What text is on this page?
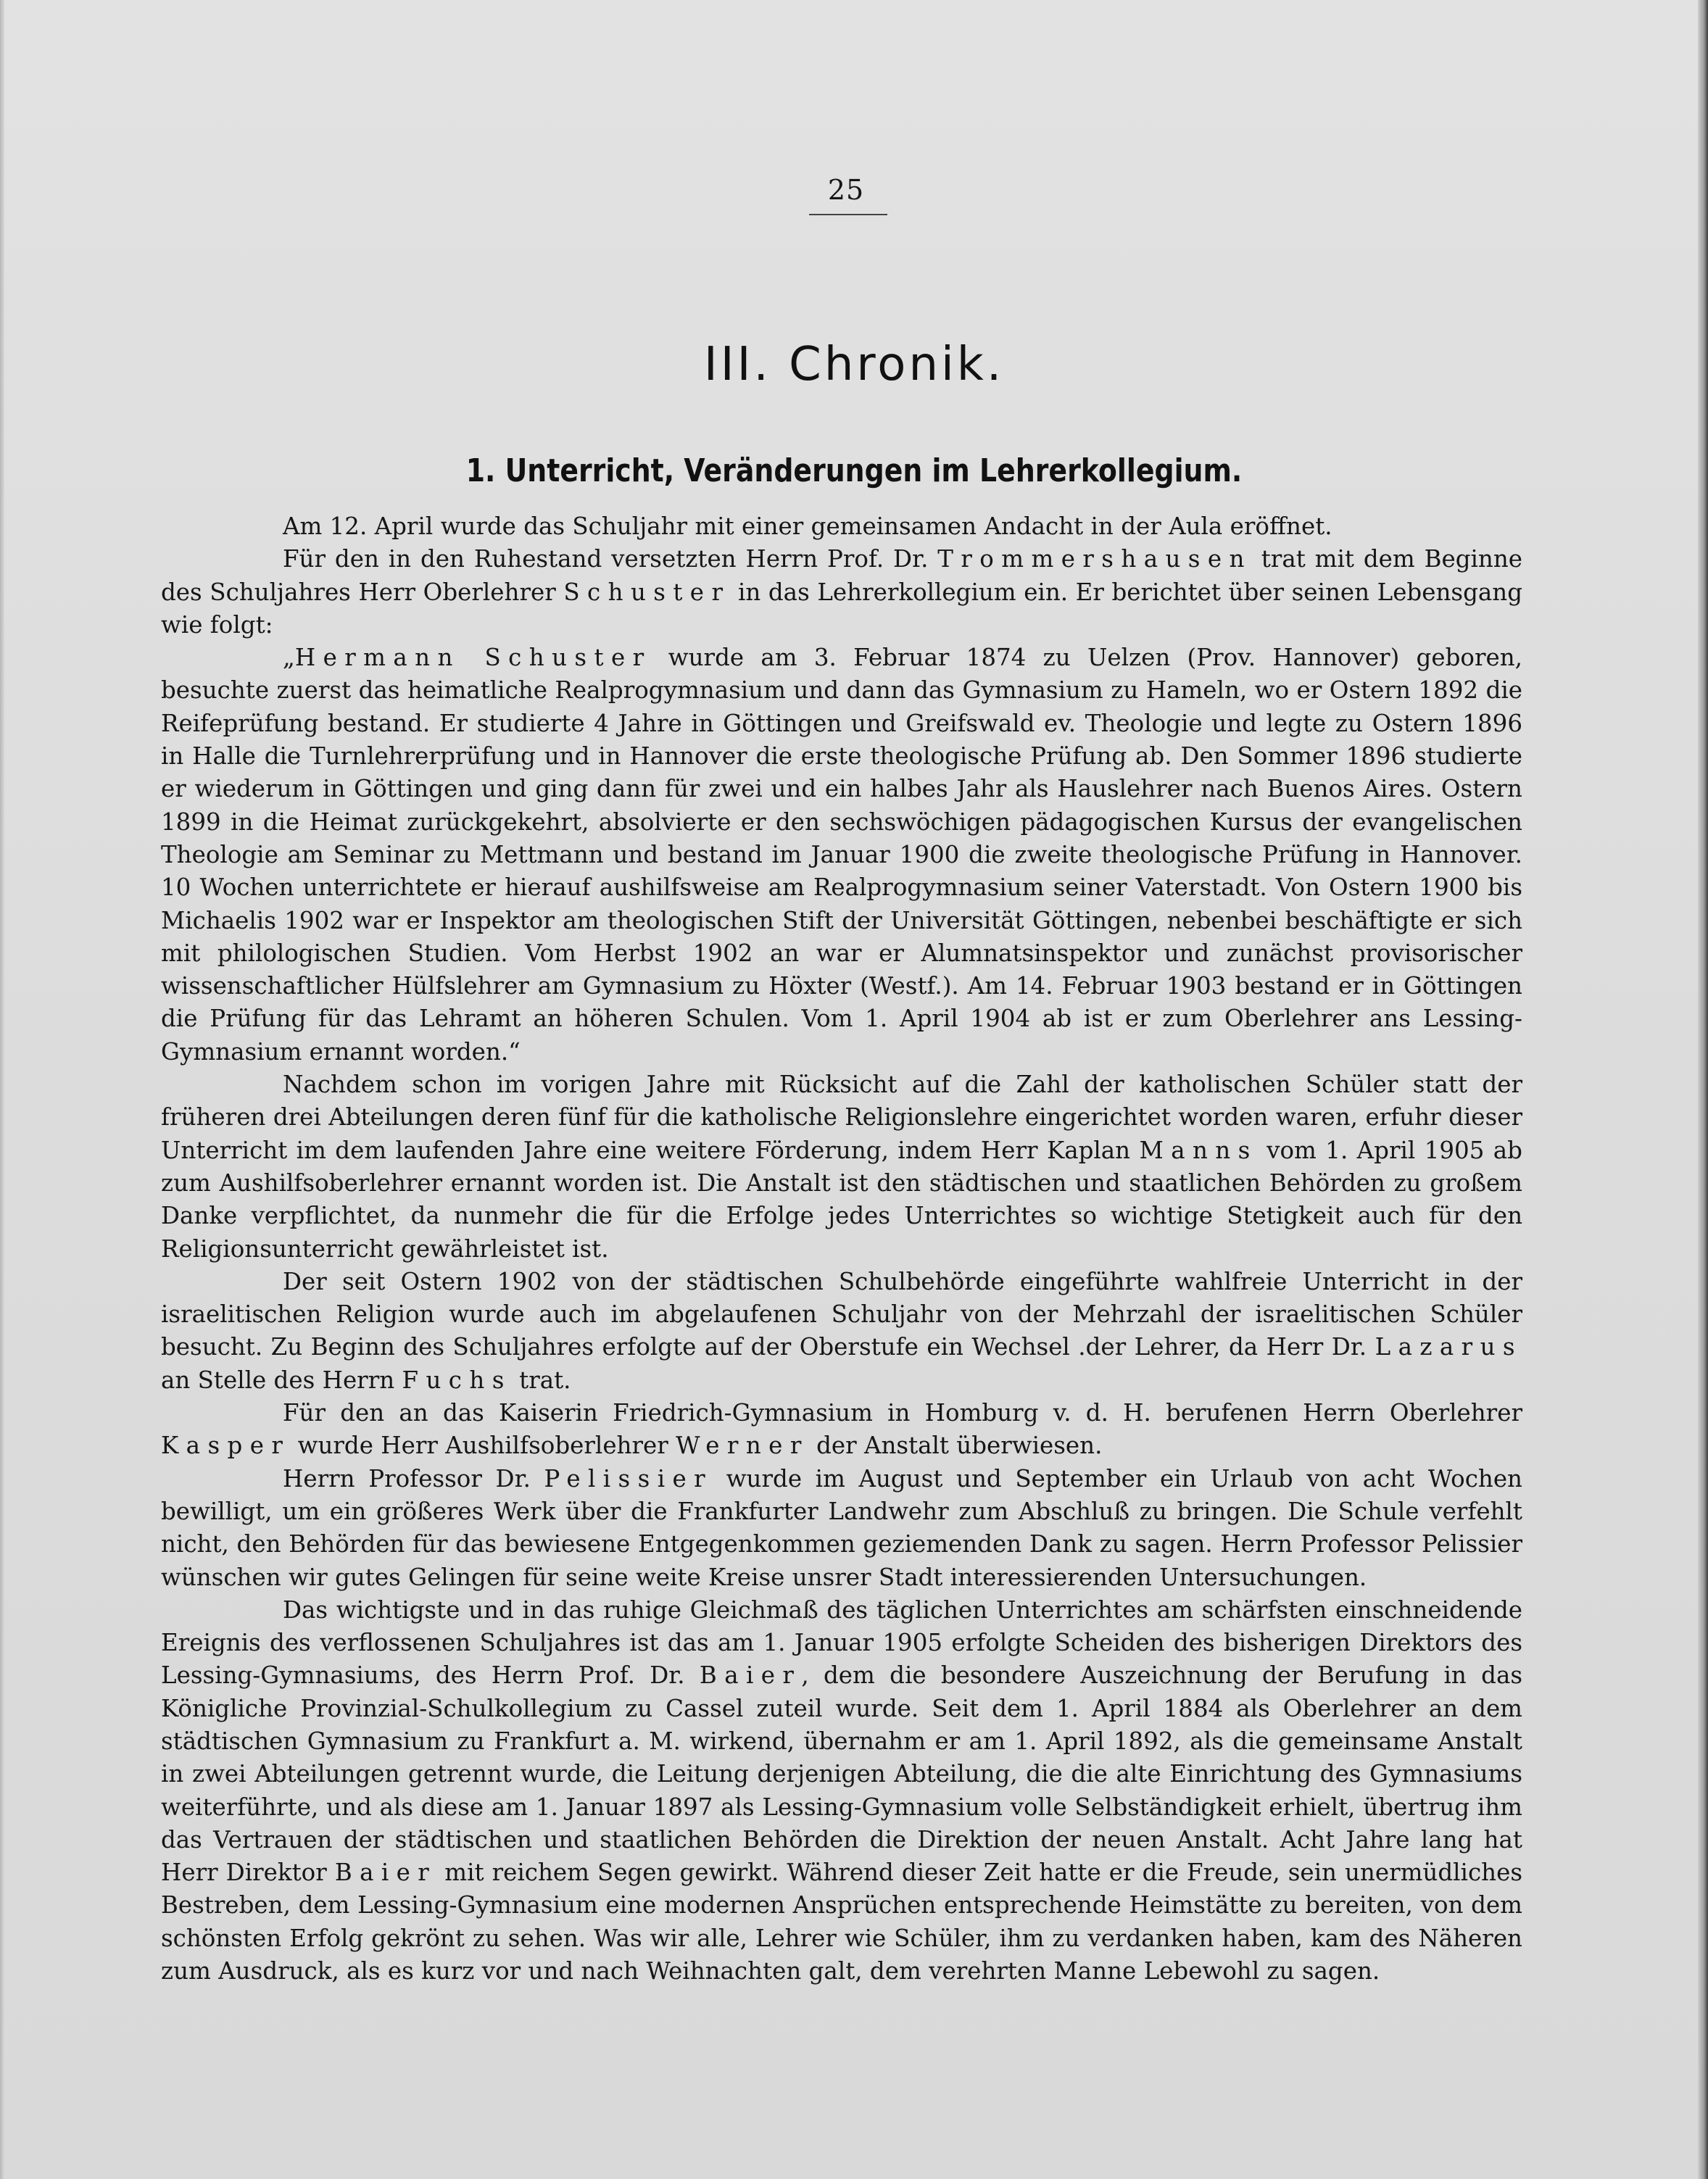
25
III. Chronik.
1. Unterricht, Veränderungen im Lehrerkollegium.

Am 12. April wurde das Schuljahr mit einer gemeinsamen Andacht in der Aula eröffnet.

Für den in den Ruhestand versetzten Herrn Prof. Dr. Trommershausen trat mit dem Beginne des Schuljahres Herr Oberlehrer Schuster in das Lehrerkollegium ein. Er berichtet über seinen Lebensgang wie folgt:

„Hermann Schuster wurde am 3. Februar 1874 zu Uelzen (Prov. Hannover) geboren, besuchte zuerst das heimatliche Realprogymnasium und dann das Gymnasium zu Hameln, wo er Ostern 1892 die Reifeprüfung bestand. Er studierte 4 Jahre in Göttingen und Greifswald ev. Theologie und legte zu Ostern 1896 in Halle die Turnlehrerprüfung und in Hannover die erste theologische Prüfung ab. Den Sommer 1896 studierte er wiederum in Göttingen und ging dann für zwei und ein halbes Jahr als Hauslehrer nach Buenos Aires. Ostern 1899 in die Heimat zurückgekehrt, absolvierte er den sechswöchigen pädagogischen Kursus der evangelischen Theologie am Seminar zu Mettmann und bestand im Januar 1900 die zweite theologische Prüfung in Hannover. 10 Wochen unterrichtete er hierauf aushilfsweise am Realprogymnasium seiner Vaterstadt. Von Ostern 1900 bis Michaelis 1902 war er Inspektor am theologischen Stift der Universität Göttingen, nebenbei beschäftigte er sich mit philologischen Studien. Vom Herbst 1902 an war er Alumnatsinspektor und zunächst provisorischer wissenschaftlicher Hülfslehrer am Gymnasium zu Höxter (Westf.). Am 14. Februar 1903 bestand er in Göttingen die Prüfung für das Lehramt an höheren Schulen. Vom 1. April 1904 ab ist er zum Oberlehrer ans Lessing-Gymnasium ernannt worden.“

Nachdem schon im vorigen Jahre mit Rücksicht auf die Zahl der katholischen Schüler statt der früheren drei Abteilungen deren fünf für die katholische Religionslehre eingerichtet worden waren, erfuhr dieser Unterricht im dem laufenden Jahre eine weitere Förderung, indem Herr Kaplan Manns vom 1. April 1905 ab zum Aushilfsoberlehrer ernannt worden ist. Die Anstalt ist den städtischen und staatlichen Behörden zu großem Danke verpflichtet, da nunmehr die für die Erfolge jedes Unterrichtes so wichtige Stetigkeit auch für den Religionsunterricht gewährleistet ist.

Der seit Ostern 1902 von der städtischen Schulbehörde eingeführte wahlfreie Unterricht in der israelitischen Religion wurde auch im abgelaufenen Schuljahr von der Mehrzahl der israelitischen Schüler besucht. Zu Beginn des Schuljahres erfolgte auf der Oberstufe ein Wechsel .der Lehrer, da Herr Dr. Lazarus an Stelle des Herrn Fuchs trat.

Für den an das Kaiserin Friedrich-Gymnasium in Homburg v. d. H. berufenen Herrn Oberlehrer Kasper wurde Herr Aushilfsoberlehrer Werner der Anstalt überwiesen.

Herrn Professor Dr. Pelissier wurde im August und September ein Urlaub von acht Wochen bewilligt, um ein größeres Werk über die Frankfurter Landwehr zum Abschluß zu bringen. Die Schule verfehlt nicht, den Behörden für das bewiesene Entgegenkommen geziemenden Dank zu sagen. Herrn Professor Pelissier wünschen wir gutes Gelingen für seine weite Kreise unsrer Stadt interessierenden Untersuchungen.

Das wichtigste und in das ruhige Gleichmaß des täglichen Unterrichtes am schärfsten einschneidende Ereignis des verflossenen Schuljahres ist das am 1. Januar 1905 erfolgte Scheiden des bisherigen Direktors des Lessing-Gymnasiums, des Herrn Prof. Dr. Baier, dem die besondere Auszeichnung der Berufung in das Königliche Provinzial-Schulkollegium zu Cassel zuteil wurde. Seit dem 1. April 1884 als Oberlehrer an dem städtischen Gymnasium zu Frankfurt a. M. wirkend, übernahm er am 1. April 1892, als die gemeinsame Anstalt in zwei Abteilungen getrennt wurde, die Leitung derjenigen Abteilung, die die alte Einrichtung des Gymnasiums weiterführte, und als diese am 1. Januar 1897 als Lessing-Gymnasium volle Selbständigkeit erhielt, übertrug ihm das Vertrauen der städtischen und staatlichen Behörden die Direktion der neuen Anstalt. Acht Jahre lang hat Herr Direktor Baier mit reichem Segen gewirkt. Während dieser Zeit hatte er die Freude, sein unermüdliches Bestreben, dem Lessing-Gymnasium eine modernen Ansprüchen entsprechende Heimstätte zu bereiten, von dem schönsten Erfolg gekrönt zu sehen. Was wir alle, Lehrer wie Schüler, ihm zu verdanken haben, kam des Näheren zum Ausdruck, als es kurz vor und nach Weihnachten galt, dem verehrten Manne Lebewohl zu sagen.
